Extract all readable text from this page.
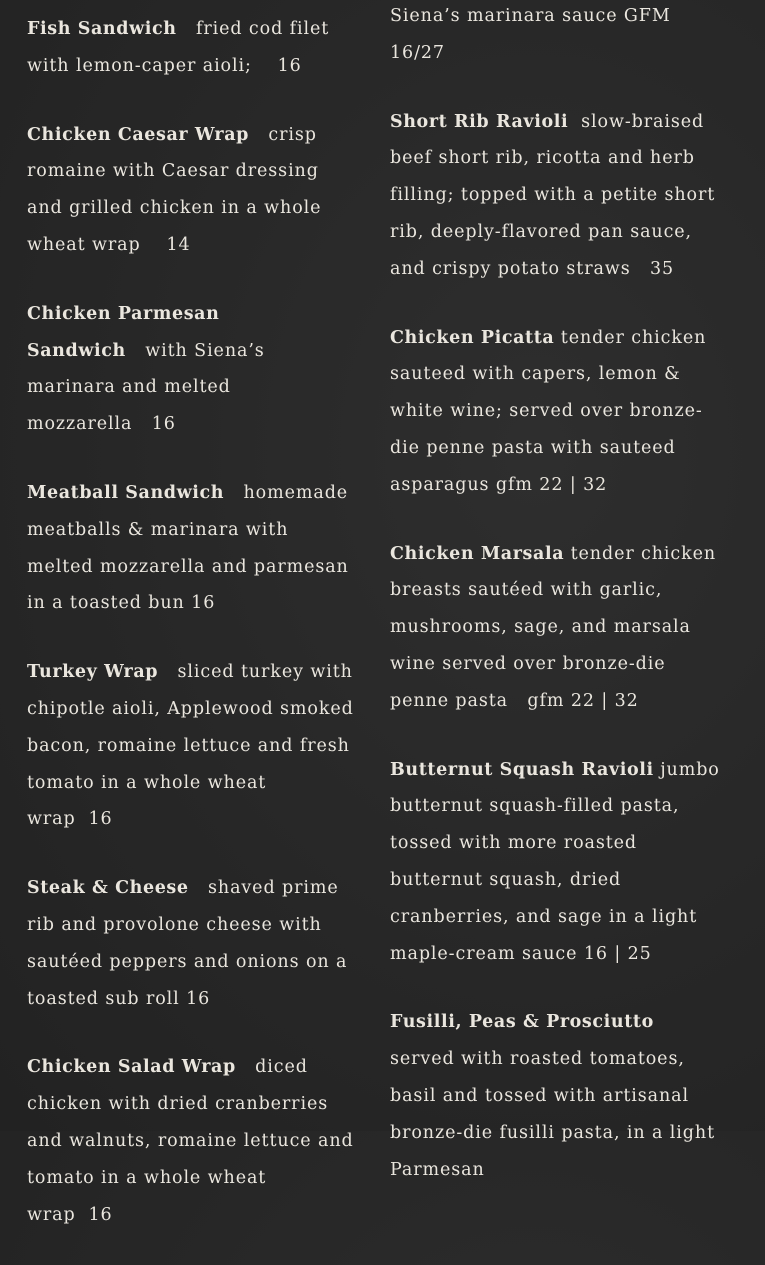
Fish Sandwich   fried cod filet with lemon-caper aioli;    16

Chicken Caesar Wrap   crisp romaine with Caesar dressing and grilled chicken in a whole wheat wrap    14

Chicken Parmesan Sandwich   with Siena’s marinara and melted mozzarella   16

Meatball Sandwich   homemade meatballs & marinara with melted mozzarella and parmesan in a toasted bun 16

Turkey Wrap   sliced turkey with chipotle aioli, Applewood smoked bacon, romaine lettuce and fresh tomato in a whole wheat wrap  16

Steak & Cheese   shaved prime rib and provolone cheese with sautéed peppers and onions on a toasted sub roll 16

Chicken Salad Wrap   diced chicken with dried cranberries and walnuts, romaine lettuce and tomato in a whole wheat wrap  16

Siena’s marinara sauce GFM 16/27

Short Rib Ravioli  slow-braised beef short rib, ricotta and herb filling; topped with a petite short rib, deeply-flavored pan sauce, and crispy potato straws   35

Chicken Picatta tender chicken sauteed with capers, lemon & white wine; served over bronze-die penne pasta with sauteed asparagus gfm 22 | 32

Chicken Marsala tender chicken breasts sautéed with garlic, mushrooms, sage, and marsala wine served over bronze-die penne pasta   gfm 22 | 32

Butternut Squash Ravioli jumbo butternut squash-filled pasta, tossed with more roasted butternut squash, dried cranberries, and sage in a light maple-cream sauce 16 | 25

Fusilli, Peas & Prosciutto served with roasted tomatoes, basil and tossed with artisanal bronze-die fusilli pasta, in a light Parmesan
